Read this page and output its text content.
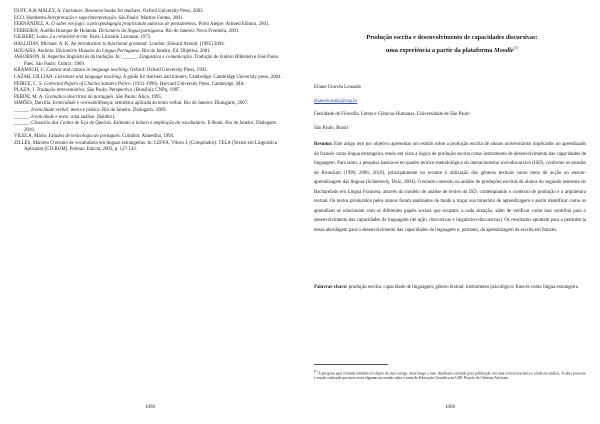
DUFF, A.& MALEY, A. Literature. Resource books for teachers. Oxford University Press, 2003.

ECO, Humberto.Interpretação e superinterpretação. São Paulo: Martins Fontes, 2001.

FERNÁNDEZ, A. O saber em jogo: a psicopedagogia propiciando autorias de pensamentos. Porto Alegre: Artmed Editora, 2001.

FERREIRA, Aurélio Buarque de Holanda. Dicionário da língua portuguesa. Rio de Janeiro: Nova Fronteira, 2001.

GILBERT, Louis. La créativité écrite. Paris: Librairie Larousse, 1975.

HALLIDAY, Michael. A. K. An introduction to functional grammar. London: Edward Arnold, [1985] 2004.

HOUAISS, Antônio. Dicionário Houaiss da Língua Portuguesa. Rio de Janeiro, Ed. Objetiva, 2001.

JAKOBSON, R. Aspectos linguísticos da tradução. In: ______. Linguística e comunicação. Tradução de Izidoro Blikstein e José Paulo Paes. São Paulo: Cultrix, 1969.

KRAMSCH, C. Context and culture in language teaching. Oxford: Oxford University Press, 1993.

LAZAR, GILLIAN. Literature and language teaching. A guide for teachers and trainers. Cambridge: Cambridge University press, 2004.

PEIRCE, C. S. Collected Papers of Charles Sanders Peirce. (1931-1996). Harvard University Press, Cambridge, MA.

PLAZA, J. Tradução intersemiótica. São Paulo: Perspectiva. (Brasília): CNPq, 1987.

PERINI, M. A. Gramática descritiva do português. São Paulo: Ática, 1995.

SIMÕES, Darcilia. Iconicidade e verossimilhança: semiótica aplicada ao texto verbal. Rio de Janeiro: Dialogarts, 2007.

______. Iconicidade verbal: teoria e prática. Rio de Janeiro: Dialogarts, 2009.

______. Iconicidade e texto: uma análise. [Inédito].

______. Glossário dos Contos de Eça de Queirós. Estímulo à leitura e ampliação do vocabulário. E-Book. Rio de Janeiro: Dialogarts. 2016.

VILELA, Mário. Estudos de lexicologia do português. Coimbra: Almedina, 1994.

ZILLES, Marcelo O ensino de vocabulário em línguas estrangeiras. In: LEFFA, Vilson J. (Compilador). TELA (Textos em Linguística Aplicada) [CD-ROM]. Pelotas: Educat, 2003, p. 127-142.

1066

Produção escrita e desenvolvimento de capacidades discursivas:
uma experiência a partir da plataforma Moodle$^{(1)}$

Eliane Gouvêa Lousada

elianelousada@usp.br

Faculdade de Filosofia, Letras e Ciências Humanas, Universidade de São Paulo

São Paulo, Brasil

Resumo: Este artigo tem por objetivo apresentar um estudo sobre a produção escrita de alunos universitários implicados no aprendizado do francês como língua estrangeira, tendo em vista a lógica de produção escrita como instrumento de desenvolvimento das capacidades de linguagem. Para tanto, a pesquisa baseia-se no quadro teórico-metodológico do interacionismo sociodiscursivo (ISD), conforme os estudos de Bronckart (1999, 2006, 2010), principalmente no tocante à utilização dos gêneros textuais como meio de acção no ensino-aprendizagem das línguas (Schneuwly, Dolz, 2004). O estudo consistiu na análise de produções escritas de alunos do segundo semestre do Bacharelado em Língua Francesa, através do modelo de análise de textos do ISD, contemplando o contexto de produção e a arquitetura textual. Os textos produzidos pelos alunos foram analisados de modo a traçar sua itinerário de aprendizagem e assim identificar como os aprendizes se relacionam com os diferentes papéis sociais que ocupam: a cada situação, além de verificar como isso contribui para o desenvolvimento das capacidades de linguagem (de ação, discursivas e linguístico-discursivas). Os resultados apontam para a pertinência dessa abordagem para o desenvolvimento das capacidades de linguagem e, portanto, da aprendizagem da escrita em francês.

Palavras-chave: produção escrita; capacidade de linguagem; gênero textual; instrumento psicológico; francês como língua estrangeira

$^{(1)}$ A pesquisa aqui relatada também foi objeto de outro artigo, mais longo e mais detalhado, enviado para publicação em uma revista brasileira e ainda em análise. A ideia presente e estudo realizado por meio seria algumas no estudo sobre a tema de Educação Científica na USP: Projeto de Ciências Ativistas.

1068
